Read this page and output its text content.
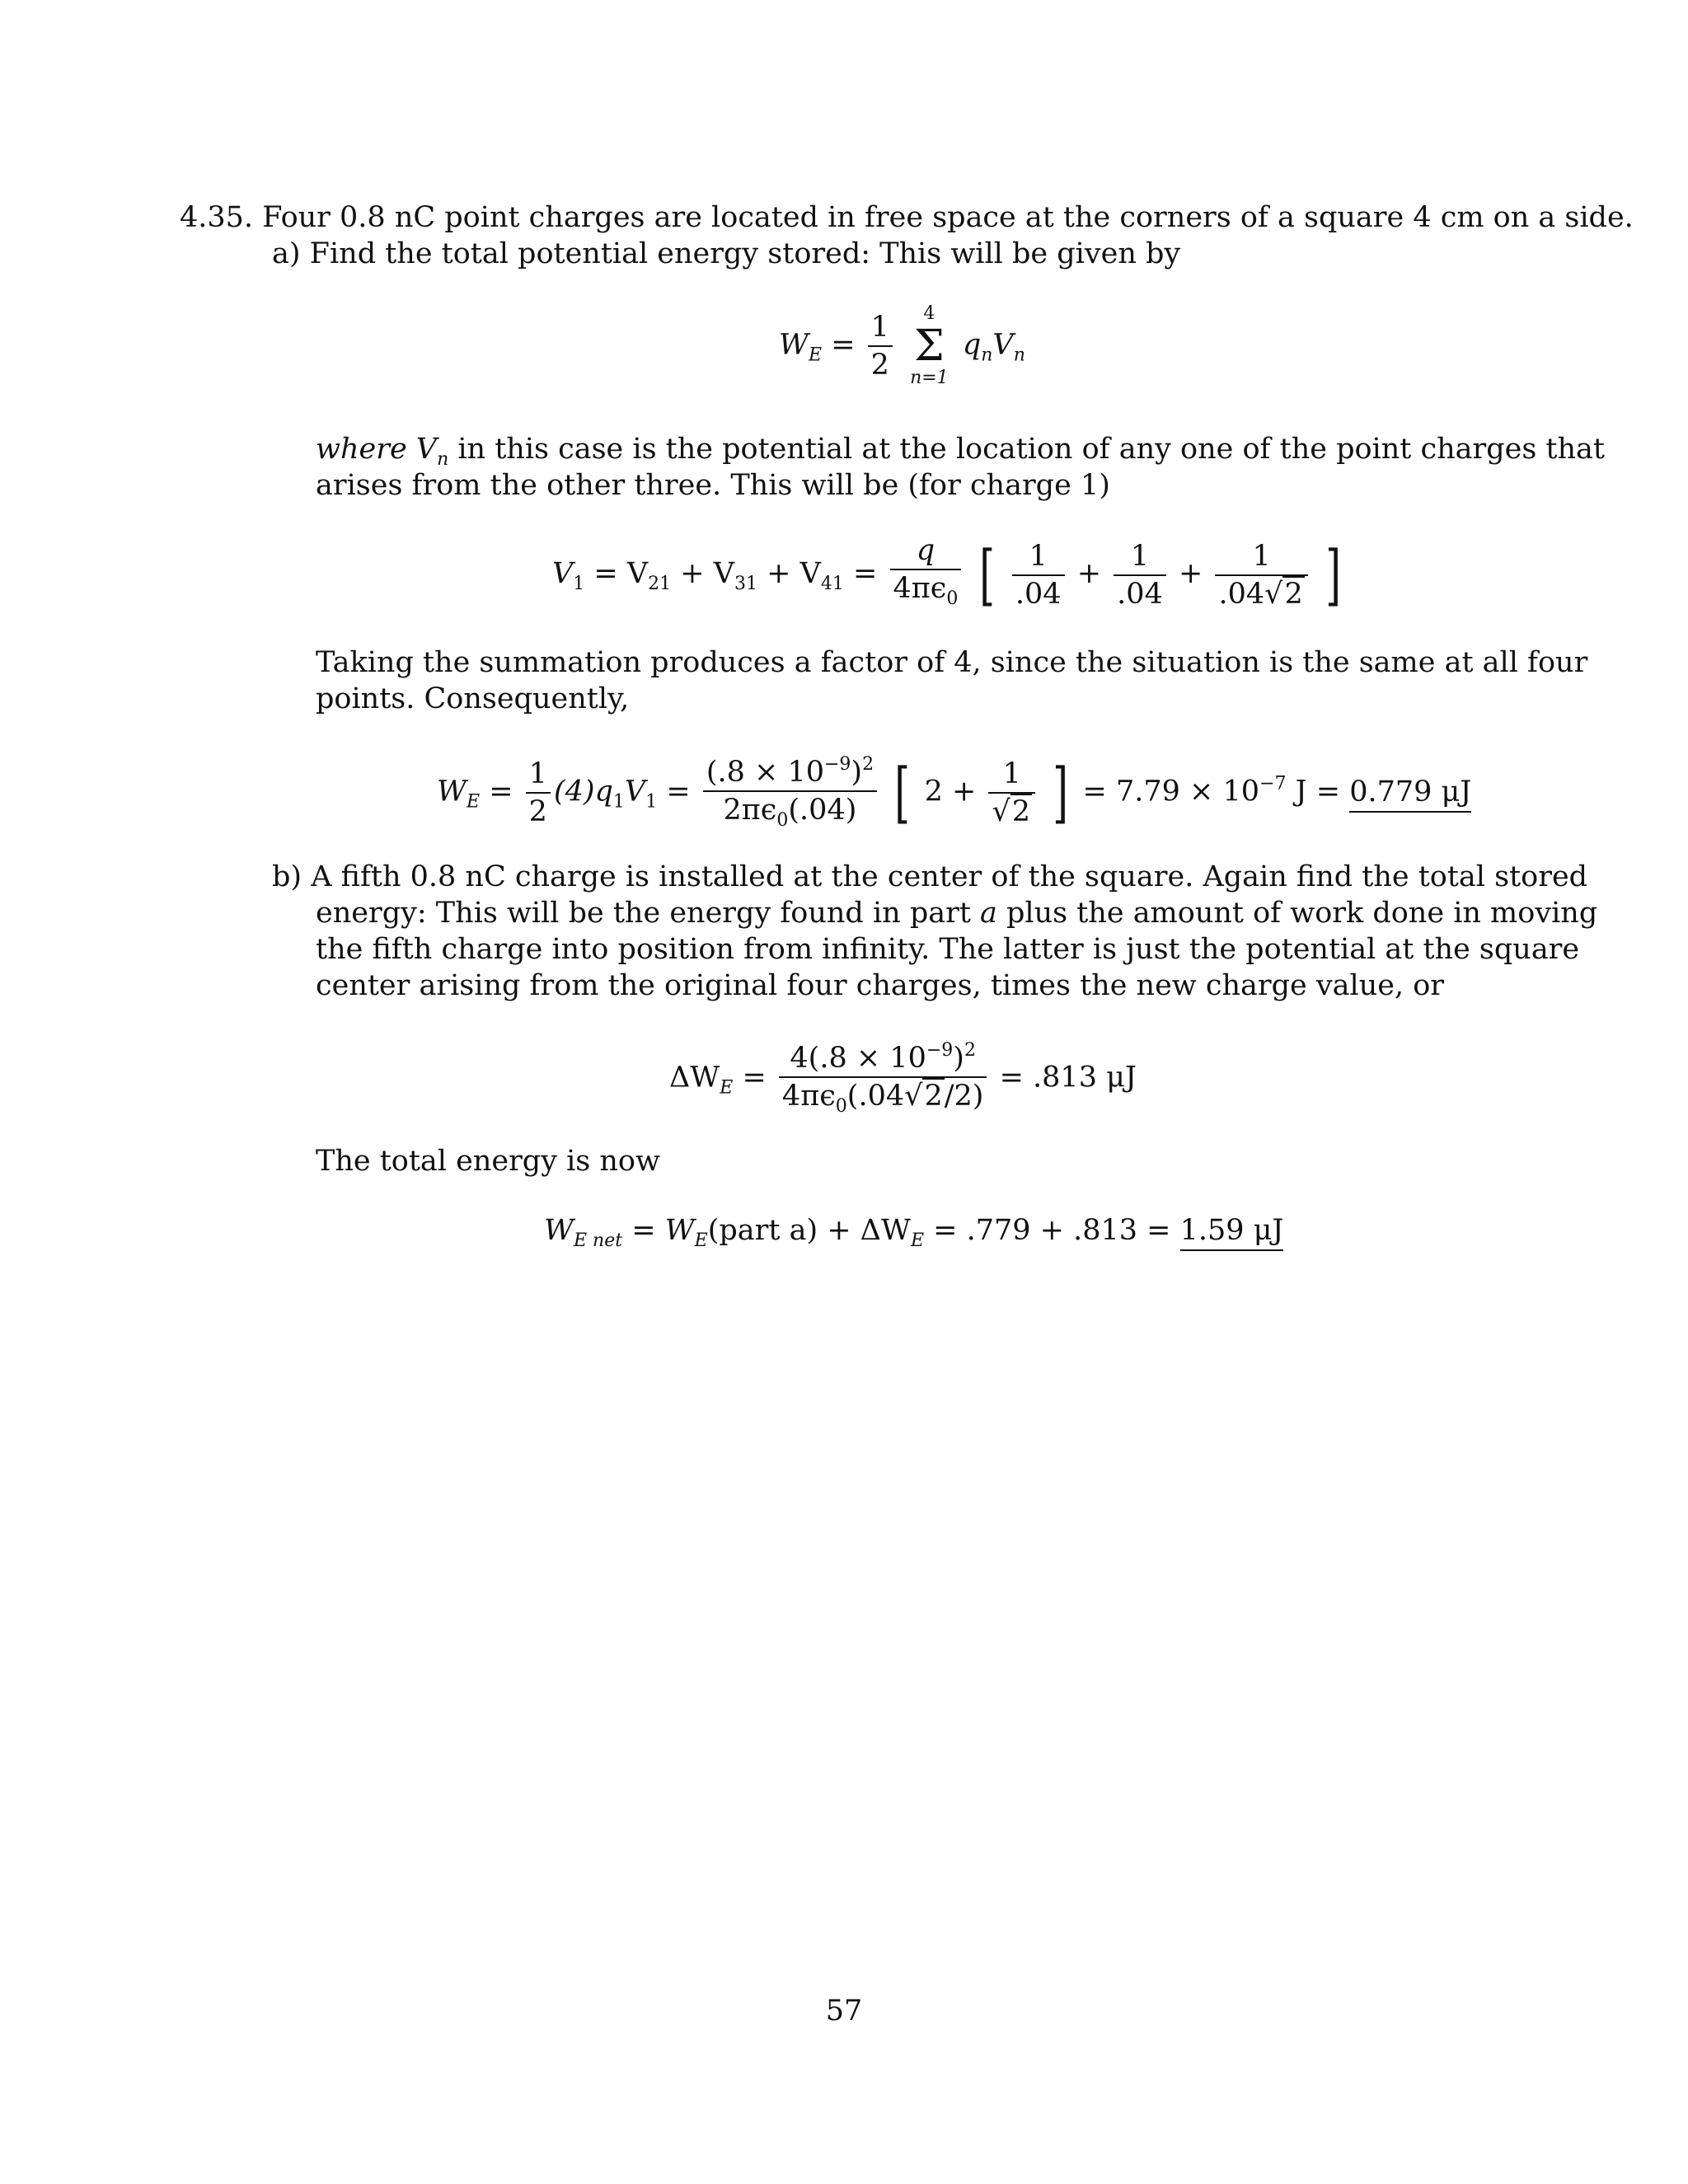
4.35. Four 0.8 nC point charges are located in free space at the corners of a square 4 cm on a side.
a) Find the total potential energy stored: This will be given by
$W_E = \frac{1}{2}$
	4
Σ
n=1
$q_nV_n$
where $V_n$ in this case is the potential at the location of any one of the point charges that
arises from the other three. This will be (for charge 1)
$V_1 = V_{21} + V_{31} + V_{41} = \frac{q}{4\pi\epsilon_0}$ [ $\frac{1}{.04} + \frac{1}{.04} + \frac{1}{.04√2}$ ]
Taking the summation produces a factor of 4, since the situation is the same at all four
points. Consequently,
$W_E = \frac{1}{2} (4)q_1V_1 = \frac{(.8 \times 10^{-9})^2}{2\pi\epsilon_0(.04)}$ [ $2 + \frac{1}{√2}$ ] = $7.79 \times 10^{-7}$ J = 0.779 μJ
b) A fifth 0.8 nC charge is installed at the center of the square. Again find the total stored
energy: This will be the energy found in part a plus the amount of work done in moving
the fifth charge into position from infinity. The latter is just the potential at the square
center arising from the original four charges, times the new charge value, or
$\Delta W_E = \frac{4(.8 \times 10^{-9})^2}{4\pi\epsilon_0(.04√2/2)} = .813$ μJ
The total energy is now
$W_{E net}$ = $W_E(part$ $a) + \Delta W_E = .779 + .813 = 1.59$ μJ
57
